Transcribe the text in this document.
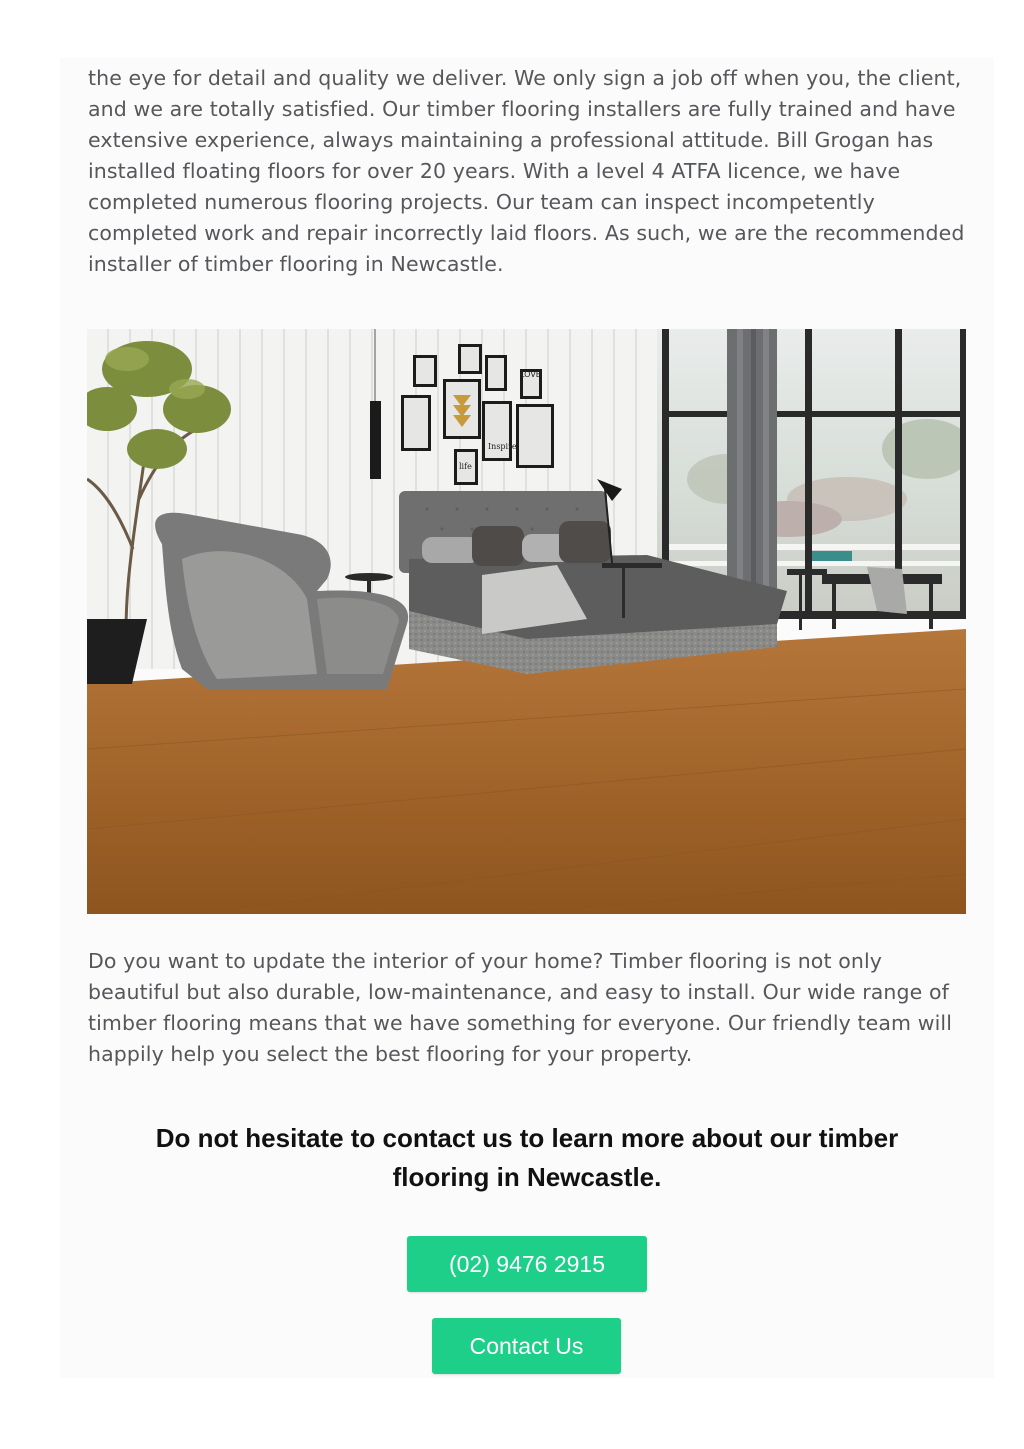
the eye for detail and quality we deliver. We only sign a job off when you, the client, and we are totally satisfied. Our timber flooring installers are fully trained and have extensive experience, always maintaining a professional attitude. Bill Grogan has installed floating floors for over 20 years. With a level 4 ATFA licence, we have completed numerous flooring projects. Our team can inspect incompetently completed work and repair incorrectly laid floors. As such, we are the recommended installer of timber flooring in Newcastle.

LOVE
life
Inspire

Do you want to update the interior of your home? Timber flooring is not only beautiful but also durable, low-maintenance, and easy to install. Our wide range of timber flooring means that we have something for everyone. Our friendly team will happily help you select the best flooring for your property.

Do not hesitate to contact us to learn more about our timber flooring in Newcastle.
(02) 9476 2915
Contact Us
